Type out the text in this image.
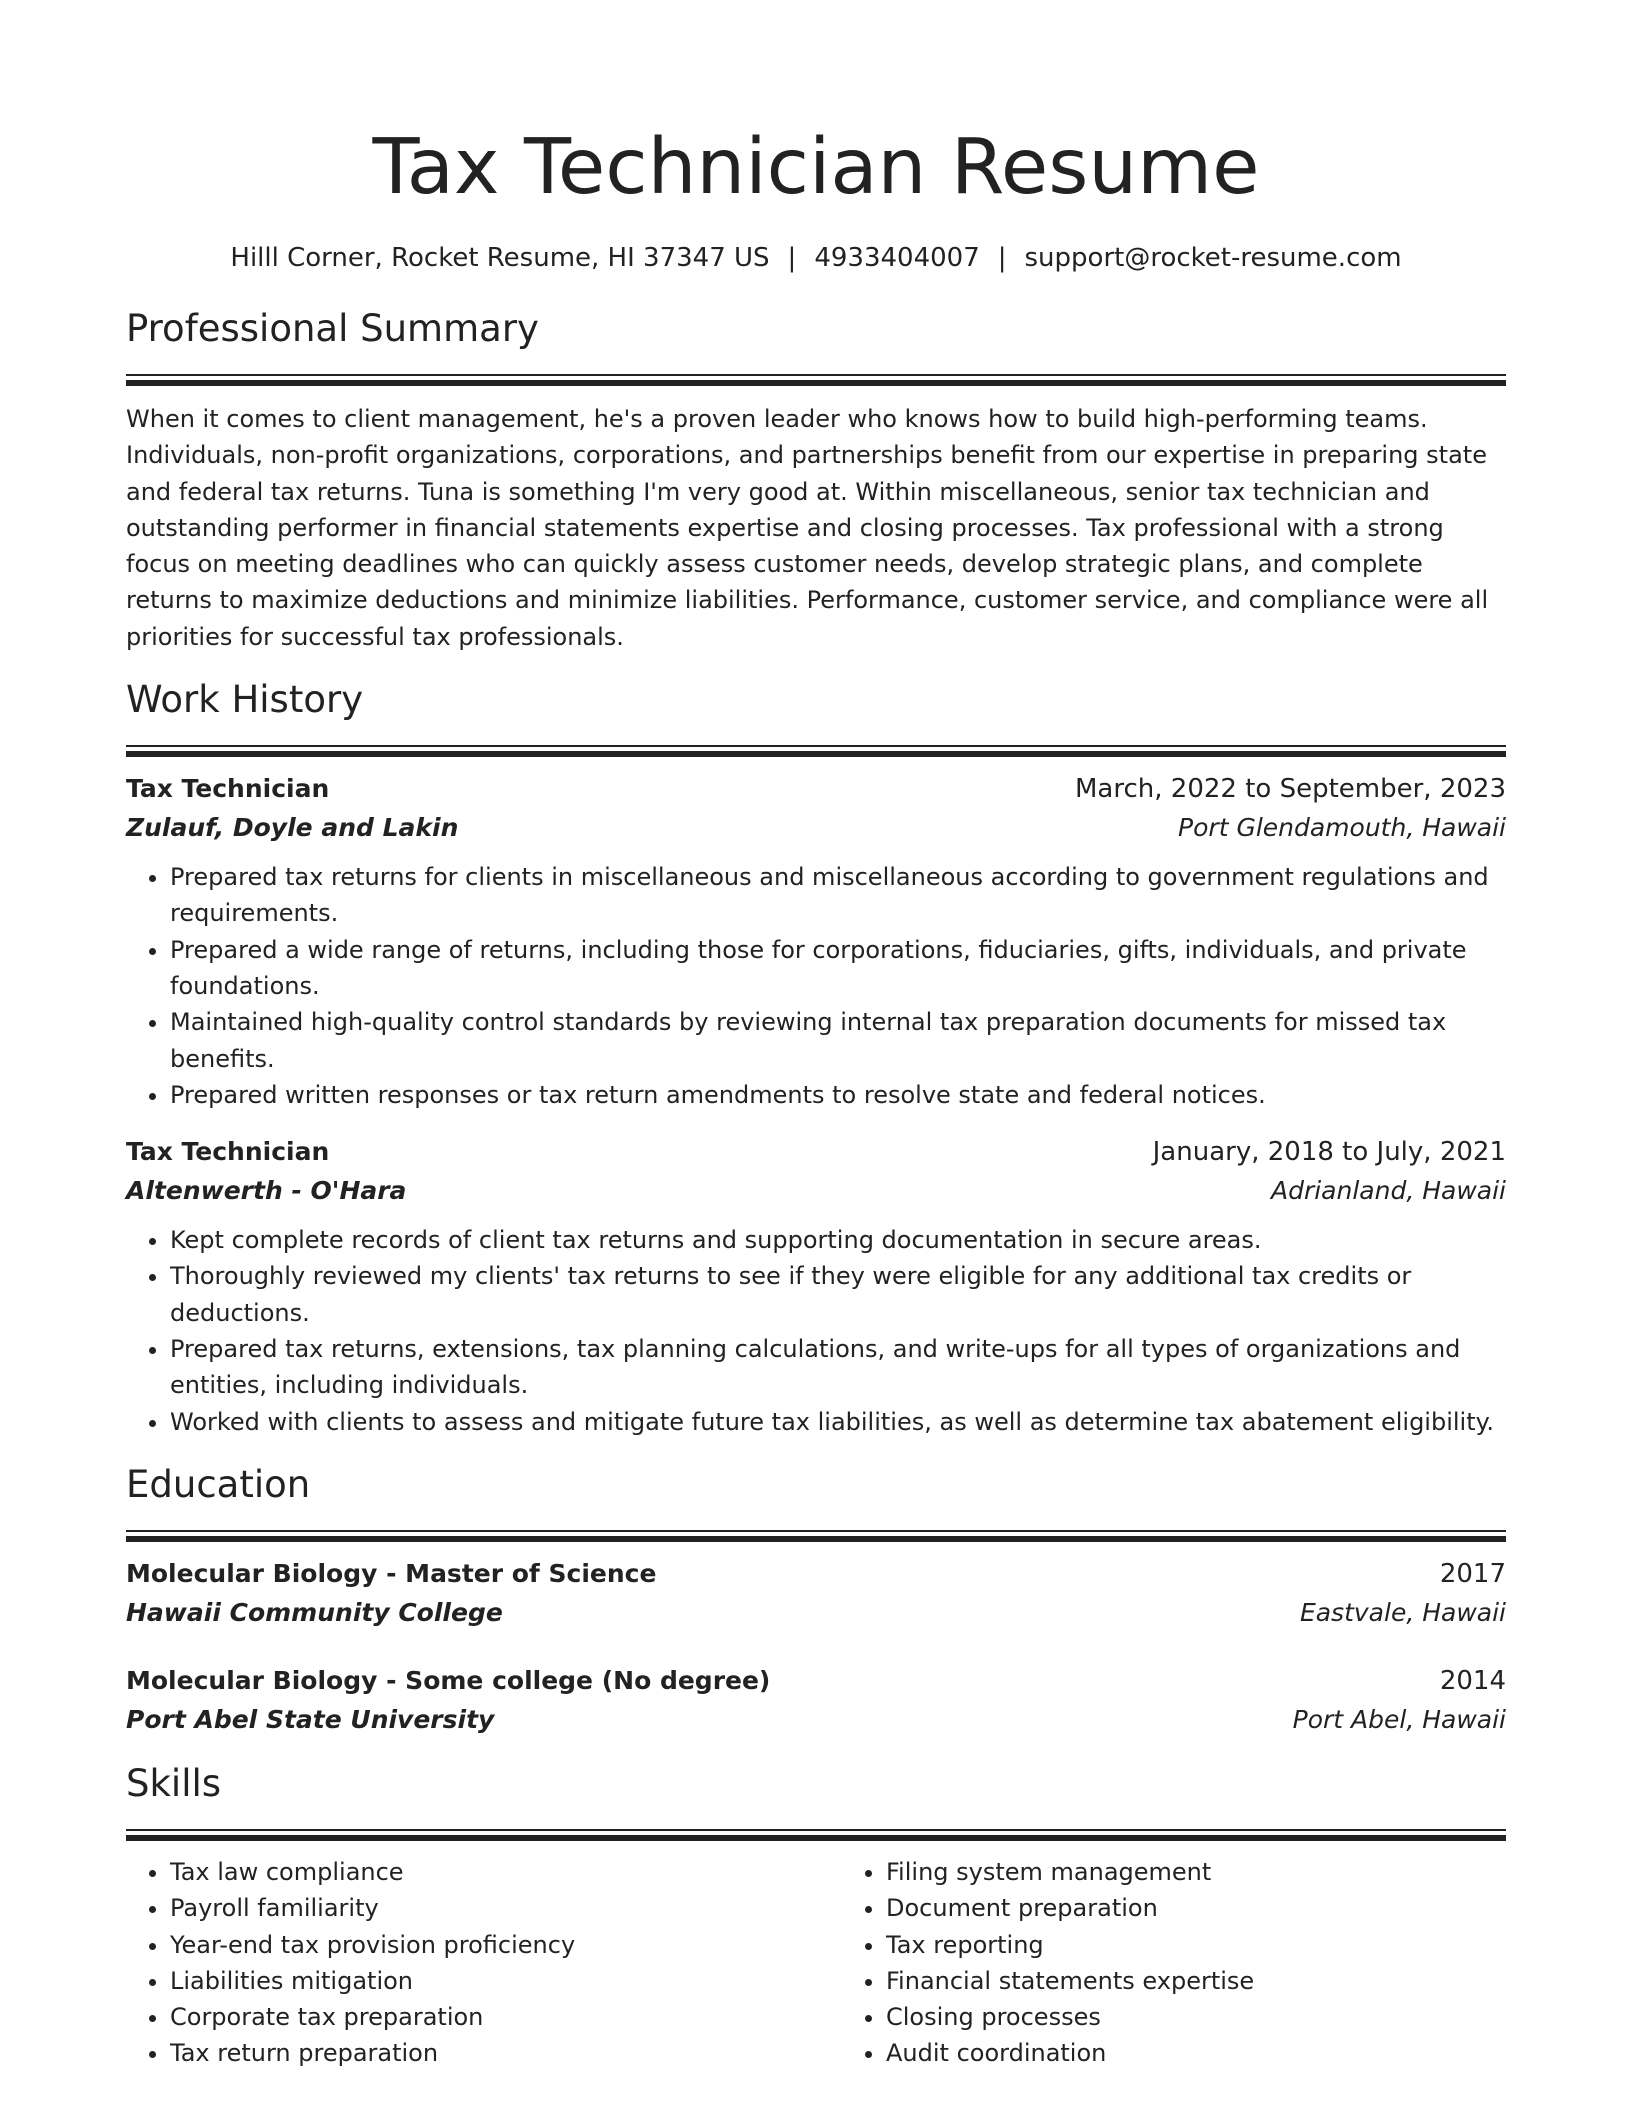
Tax Technician Resume
Hilll Corner, Rocket Resume, HI 37347 US | 4933404007 | support@rocket-resume.com
Professional Summary

When it comes to client management, he's a proven leader who knows how to build high-performing teams. Individuals, non-profit organizations, corporations, and partnerships benefit from our expertise in preparing state and federal tax returns. Tuna is something I'm very good at. Within miscellaneous, senior tax technician and outstanding performer in financial statements expertise and closing processes. Tax professional with a strong focus on meeting deadlines who can quickly assess customer needs, develop strategic plans, and complete returns to maximize deductions and minimize liabilities. Performance, customer service, and compliance were all priorities for successful tax professionals.

Work History
Tax Technician	March, 2022 to September, 2023
Zulauf, Doyle and Lakin	Port Glendamouth, Hawaii
• Prepared tax returns for clients in miscellaneous and miscellaneous according to government regulations and requirements.
• Prepared a wide range of returns, including those for corporations, fiduciaries, gifts, individuals, and private foundations.
• Maintained high-quality control standards by reviewing internal tax preparation documents for missed tax benefits.
• Prepared written responses or tax return amendments to resolve state and federal notices.
Tax Technician	January, 2018 to July, 2021
Altenwerth - O'Hara	Adrianland, Hawaii
• Kept complete records of client tax returns and supporting documentation in secure areas.
• Thoroughly reviewed my clients' tax returns to see if they were eligible for any additional tax credits or deductions.
• Prepared tax returns, extensions, tax planning calculations, and write-ups for all types of organizations and entities, including individuals.
• Worked with clients to assess and mitigate future tax liabilities, as well as determine tax abatement eligibility.
Education
Molecular Biology - Master of Science	2017
Hawaii Community College	Eastvale, Hawaii
Molecular Biology - Some college (No degree)	2014
Port Abel State University	Port Abel, Hawaii
Skills
• Tax law compliance
• Payroll familiarity
• Year-end tax provision proficiency
• Liabilities mitigation
• Corporate tax preparation
• Tax return preparation
• Filing system management
• Document preparation
• Tax reporting
• Financial statements expertise
• Closing processes
• Audit coordination
